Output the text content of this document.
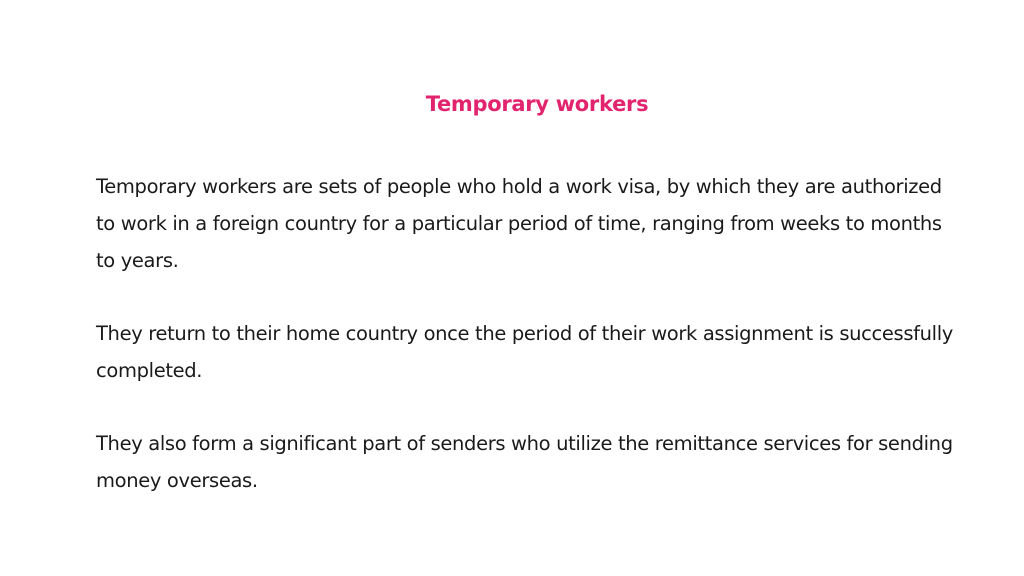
Temporary workers

Temporary workers are sets of people who hold a work visa, by which they are authorized to work in a foreign country for a particular period of time, ranging from weeks to months to years.

They return to their home country once the period of their work assignment is successfully completed.

They also form a significant part of senders who utilize the remittance services for sending money overseas.
